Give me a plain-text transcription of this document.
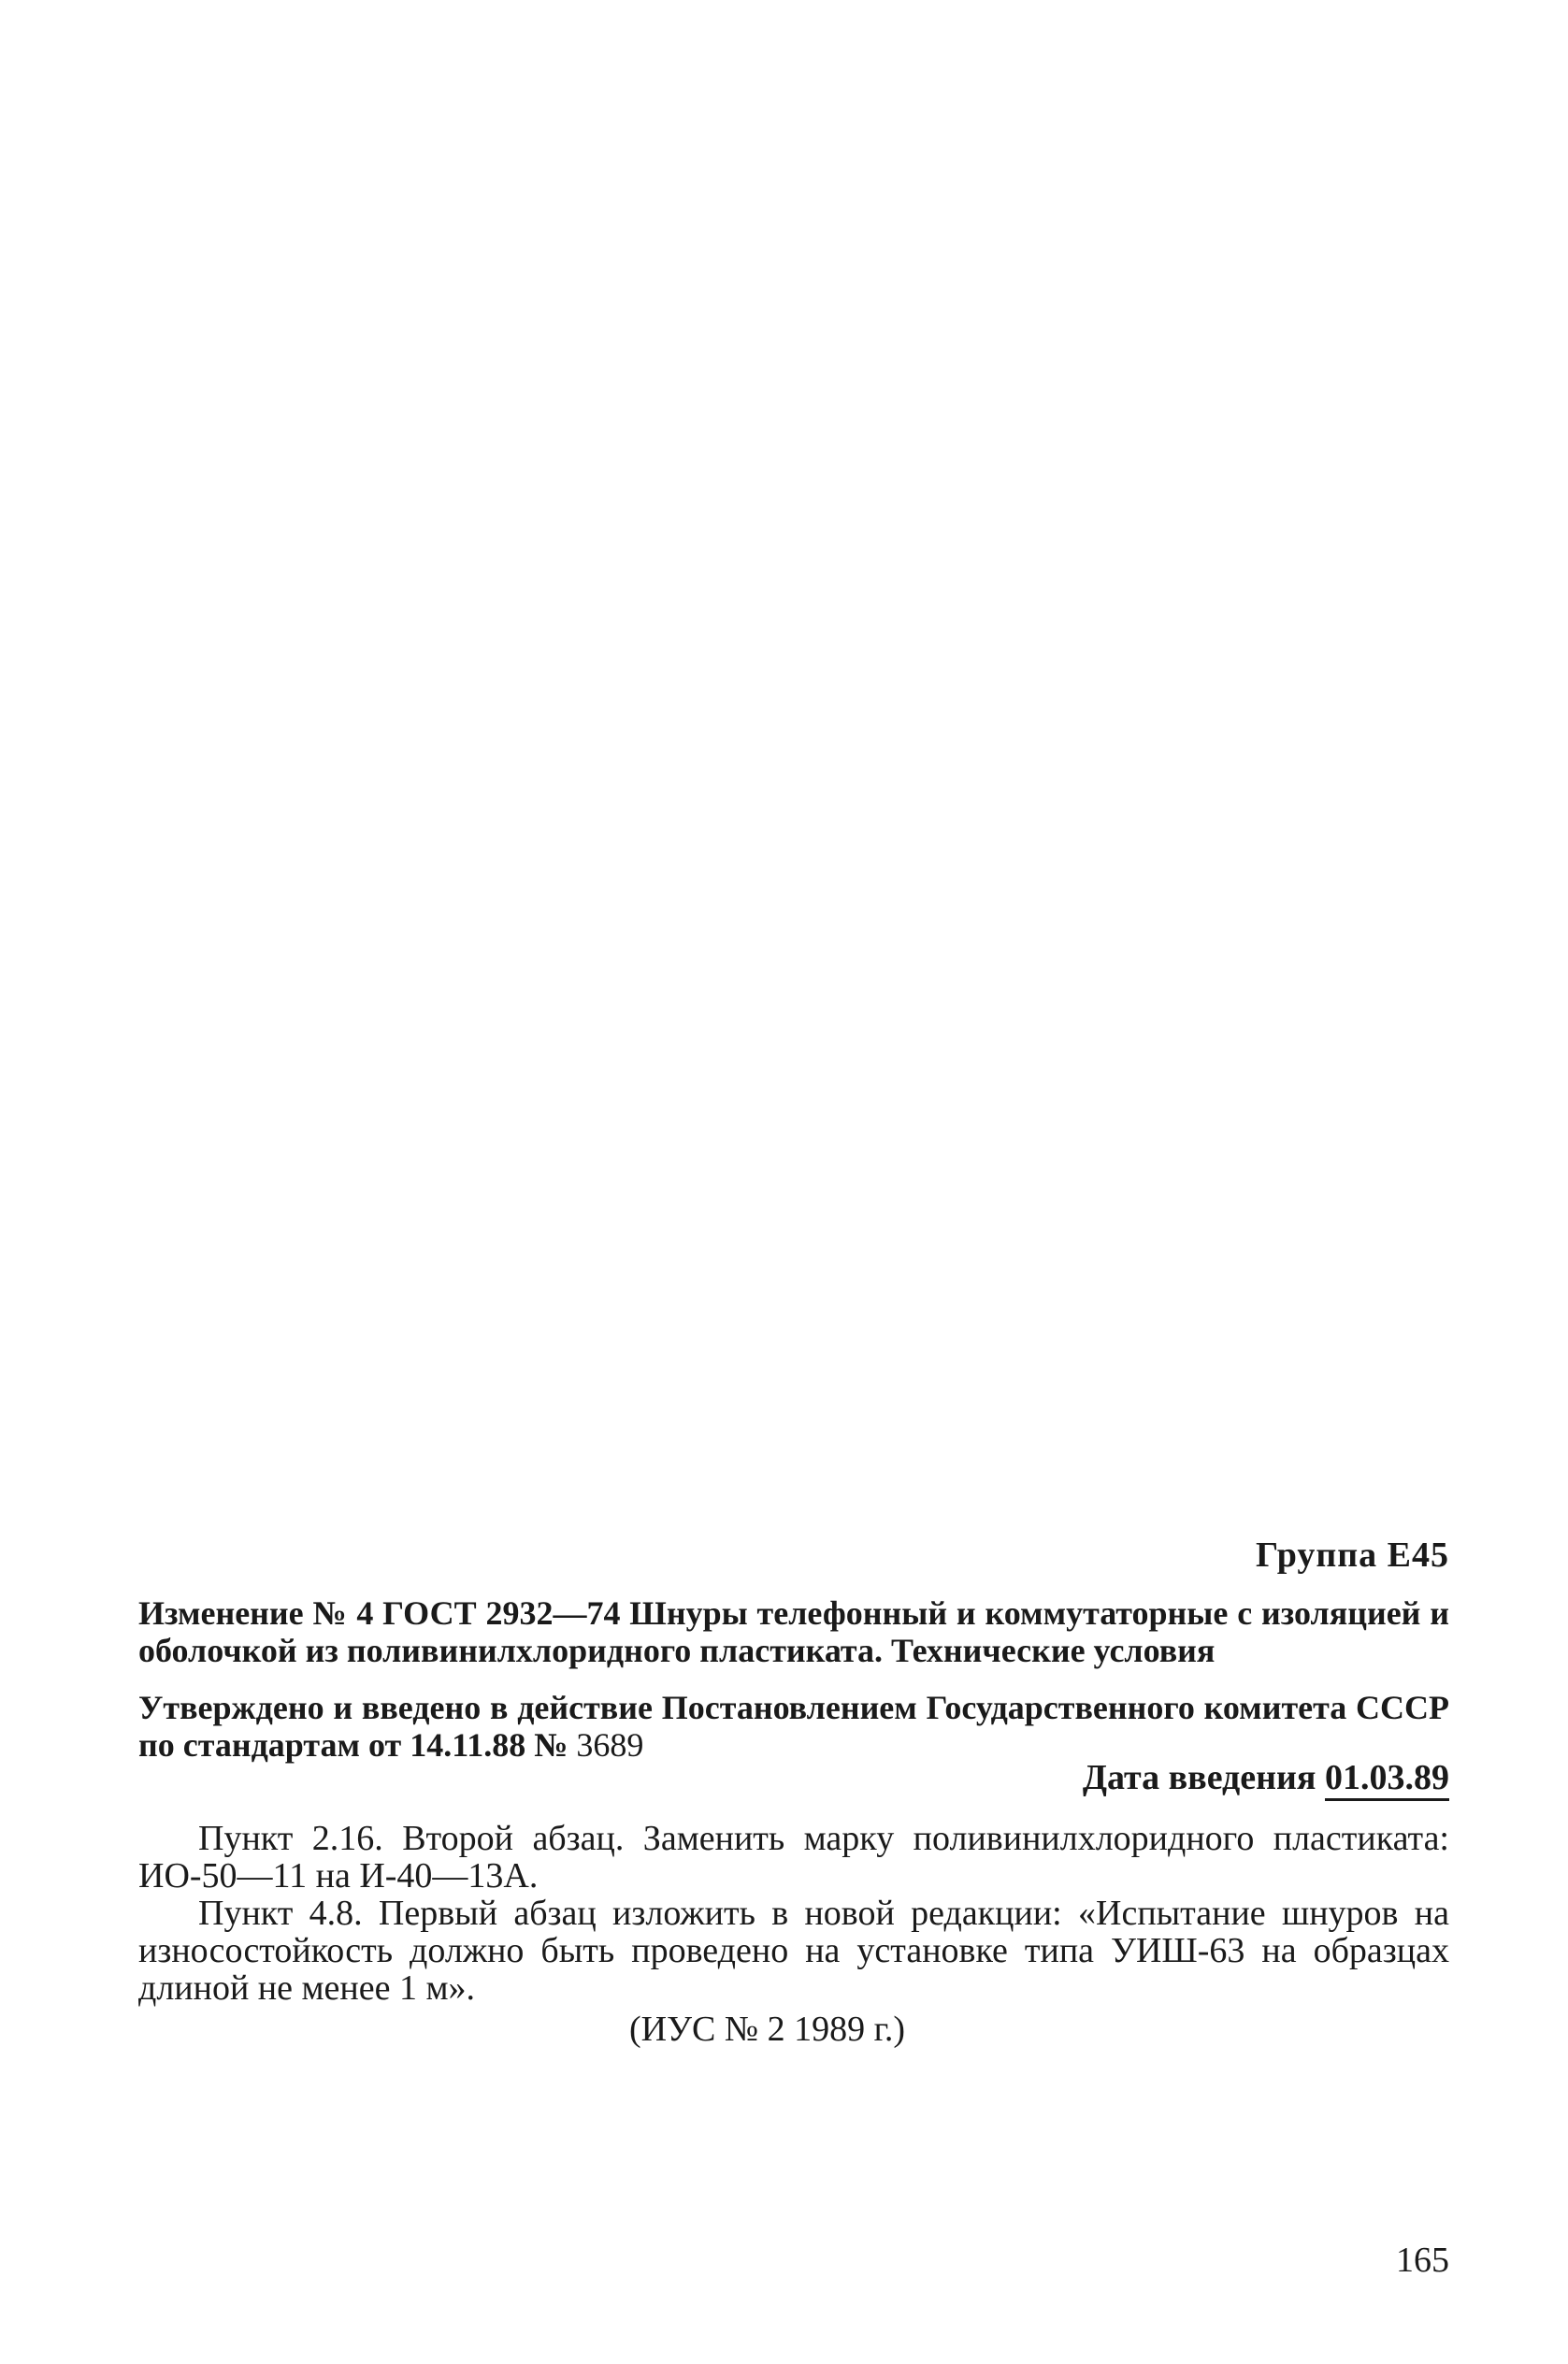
Группа Е45
Изменение № 4 ГОСТ 2932—74 Шнуры телефонный и коммутаторные с изоляцией и оболочкой из поливинилхлоридного пластиката. Технические условия
Утверждено и введено в действие Постановлением Государственного комитета СССР по стандартам от 14.11.88 № 3689
Дата введения 01.03.89

Пункт 2.16. Второй абзац. Заменить марку поливинилхлоридного пластиката: ИО-50—11 на И-40—13А.

Пункт 4.8. Первый абзац изложить в новой редакции: «Испытание шнуров на износостойкость должно быть проведено на установке типа УИШ-63 на образцах длиной не менее 1 м».

(ИУС № 2 1989 г.)
165
